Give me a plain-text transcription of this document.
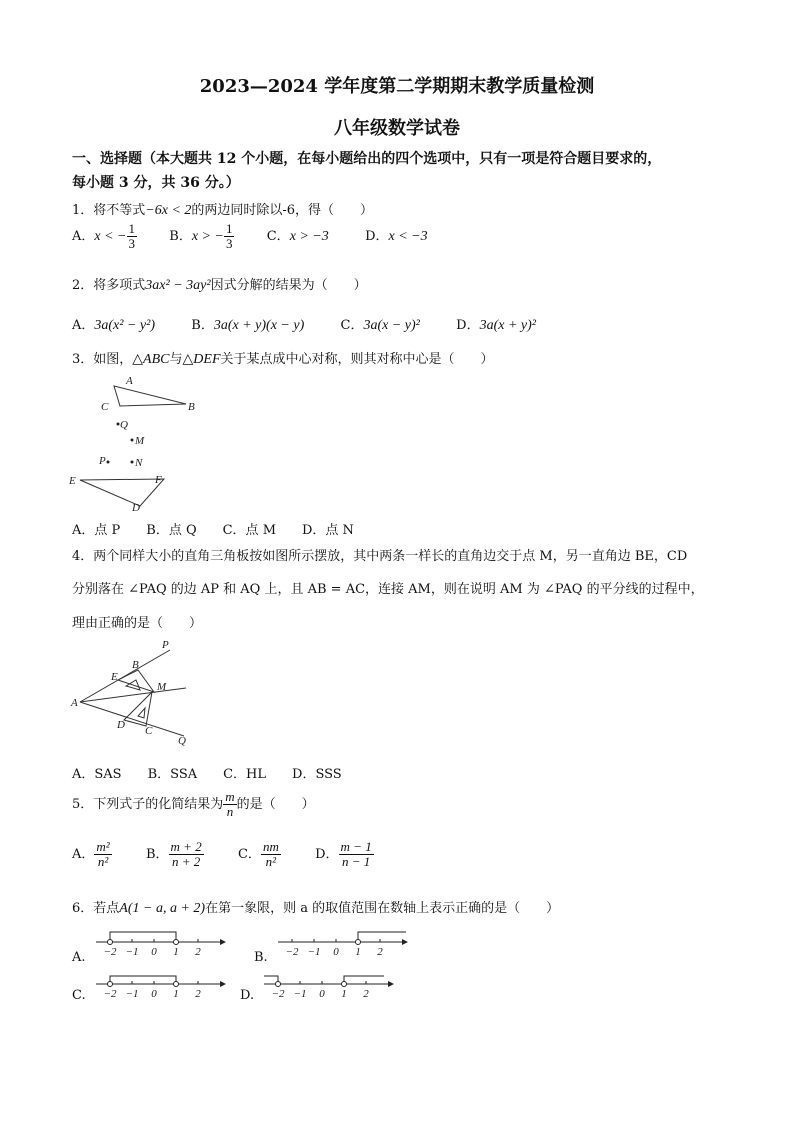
2023—2024 学年度第二学期期末教学质量检测
八年级数学试卷
一、选择题（本大题共 12 个小题，在每小题给出的四个选项中，只有一项是符合题目要求的，
每小题 3 分，共 36 分。）
1．将不等式−6x < 2的两边同时除以-6，得（　　）
A．x < − $\frac{1}{3}$ B．x > − $\frac{1}{3}$ C．x > −3	D．x < −3
2．将多项式3ax² − 3ay²因式分解的结果为（　　）
A．3a(x² − y²)	B．3a(x + y)(x − y)	C．3a(x − y)²	D．3a(x + y)²
3．如图，△ABC与△DEF关于某点成中心对称，则其对称中心是（　　）
A
C	B
Q
M
P	N
E	F
D
A．点 P　　B．点 Q　　C．点 M　　D．点 N
4．两个同样大小的直角三角板按如图所示摆放，其中两条一样长的直角边交于点 M，另一直角边 BE，CD
分别落在 ∠PAQ 的边 AP 和 AQ 上，且 AB = AC，连接 AM，则在说明 AM 为 ∠PAQ 的平分线的过程中，
理由正确的是（　　）
P
B
E
M
A
D C
Q
A．SAS　　B．SSA　　C．HL　　D．SSS
5．下列式子的化简结果为 $\frac{m}{n}$ 的是（　　）
A． $\frac{\text{m²}}{\text{n²}}$	B． $\frac{m + 2}{n + 2}$	C． $\frac{nm}{\text{n²}}$	D． $\frac{m - 1}{n - 1}$
6．若点A(1 − a, a + 2)在第一象限，则 a 的取值范围在数轴上表示正确的是（　　）
A. −2 −1 0 1 2	B. −2 −1 0 1 2
C. −2 −1 0 1 2	D. −2 −1 0 1 2
